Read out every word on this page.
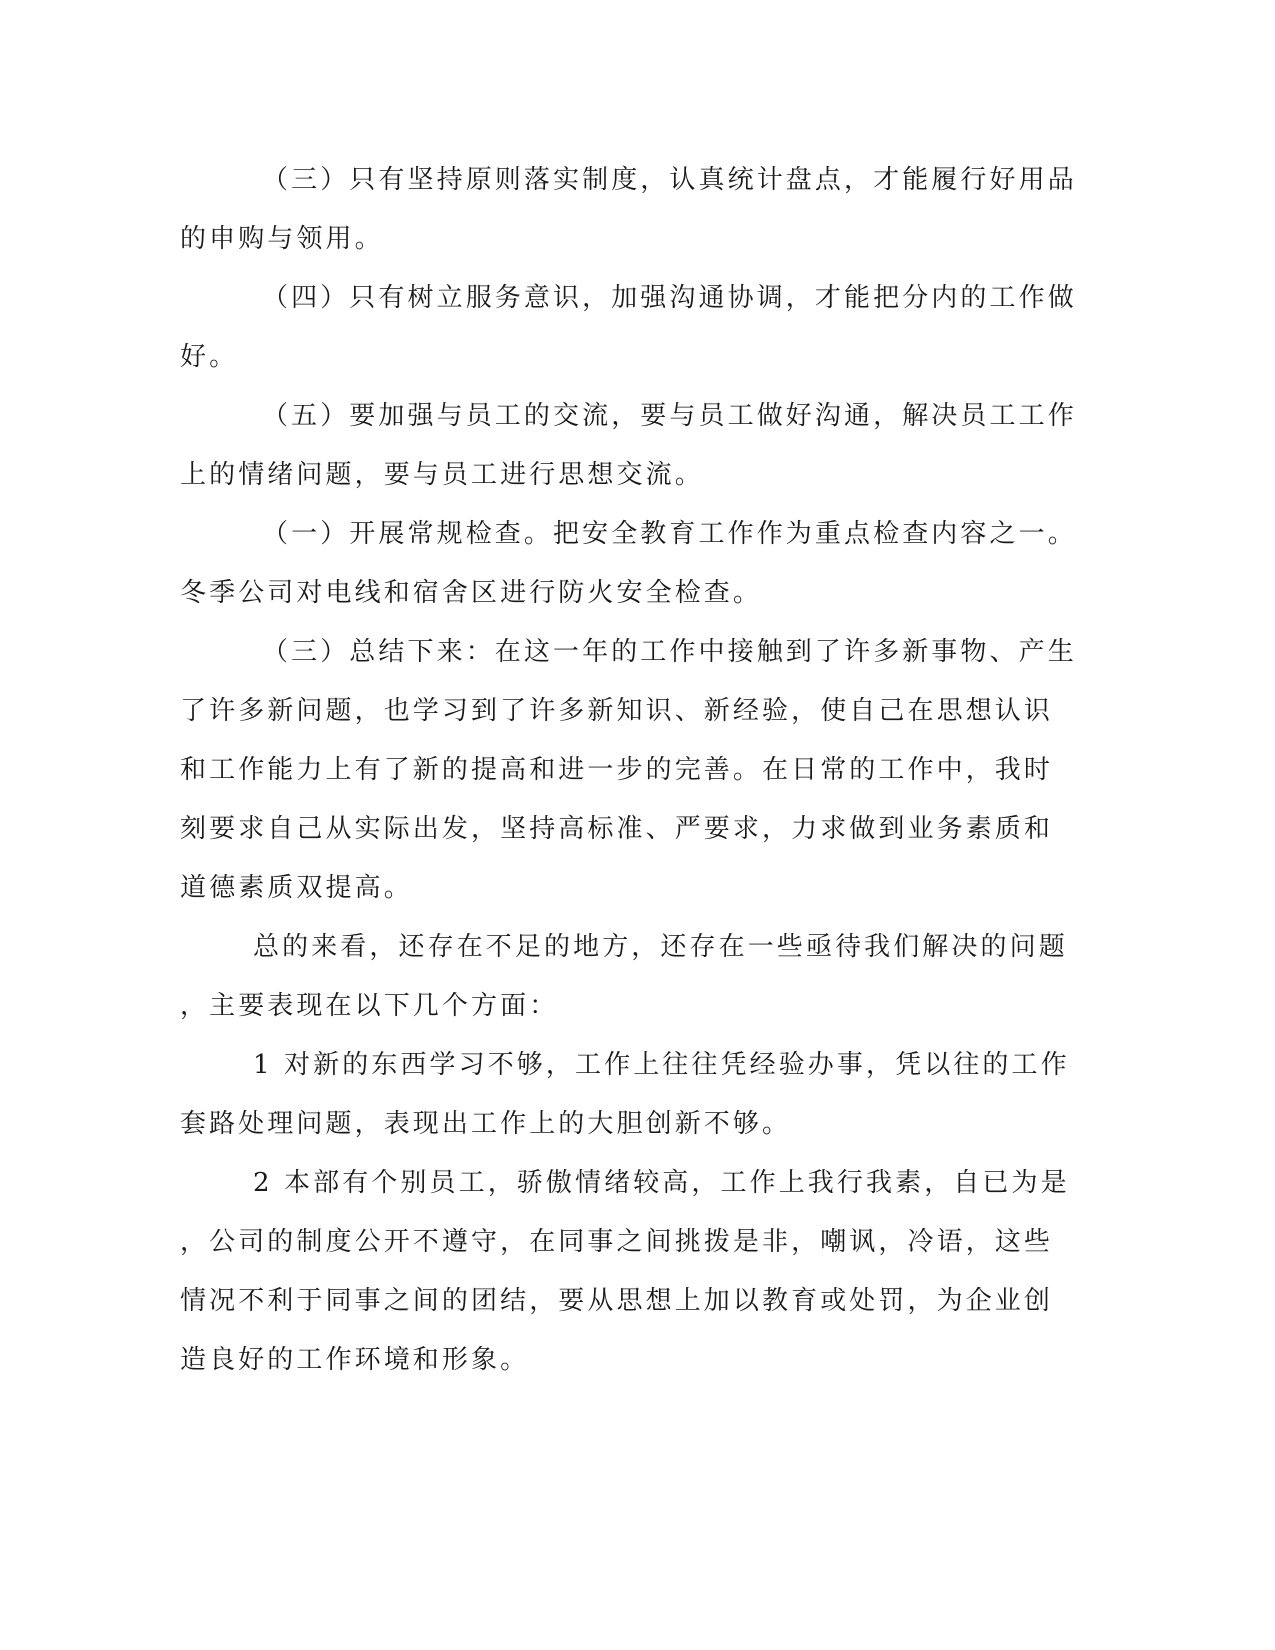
（三）只有坚持原则落实制度，认真统计盘点，才能履行好用品
的申购与领用。
（四）只有树立服务意识，加强沟通协调，才能把分内的工作做
好。
（五）要加强与员工的交流，要与员工做好沟通，解决员工工作
上的情绪问题，要与员工进行思想交流。
（一）开展常规检查。把安全教育工作作为重点检查内容之一。
冬季公司对电线和宿舍区进行防火安全检查。
（三）总结下来：在这一年的工作中接触到了许多新事物、产生
了许多新问题，也学习到了许多新知识、新经验，使自己在思想认识
和工作能力上有了新的提高和进一步的完善。在日常的工作中，我时
刻要求自己从实际出发，坚持高标准、严要求，力求做到业务素质和
道德素质双提高。
总的来看，还存在不足的地方，还存在一些亟待我们解决的问题
，主要表现在以下几个方面：
1 对新的东西学习不够，工作上往往凭经验办事，凭以往的工作
套路处理问题，表现出工作上的大胆创新不够。
2 本部有个别员工，骄傲情绪较高，工作上我行我素，自已为是
，公司的制度公开不遵守，在同事之间挑拨是非，嘲讽，冷语，这些
情况不利于同事之间的团结，要从思想上加以教育或处罚，为企业创
造良好的工作环境和形象。
